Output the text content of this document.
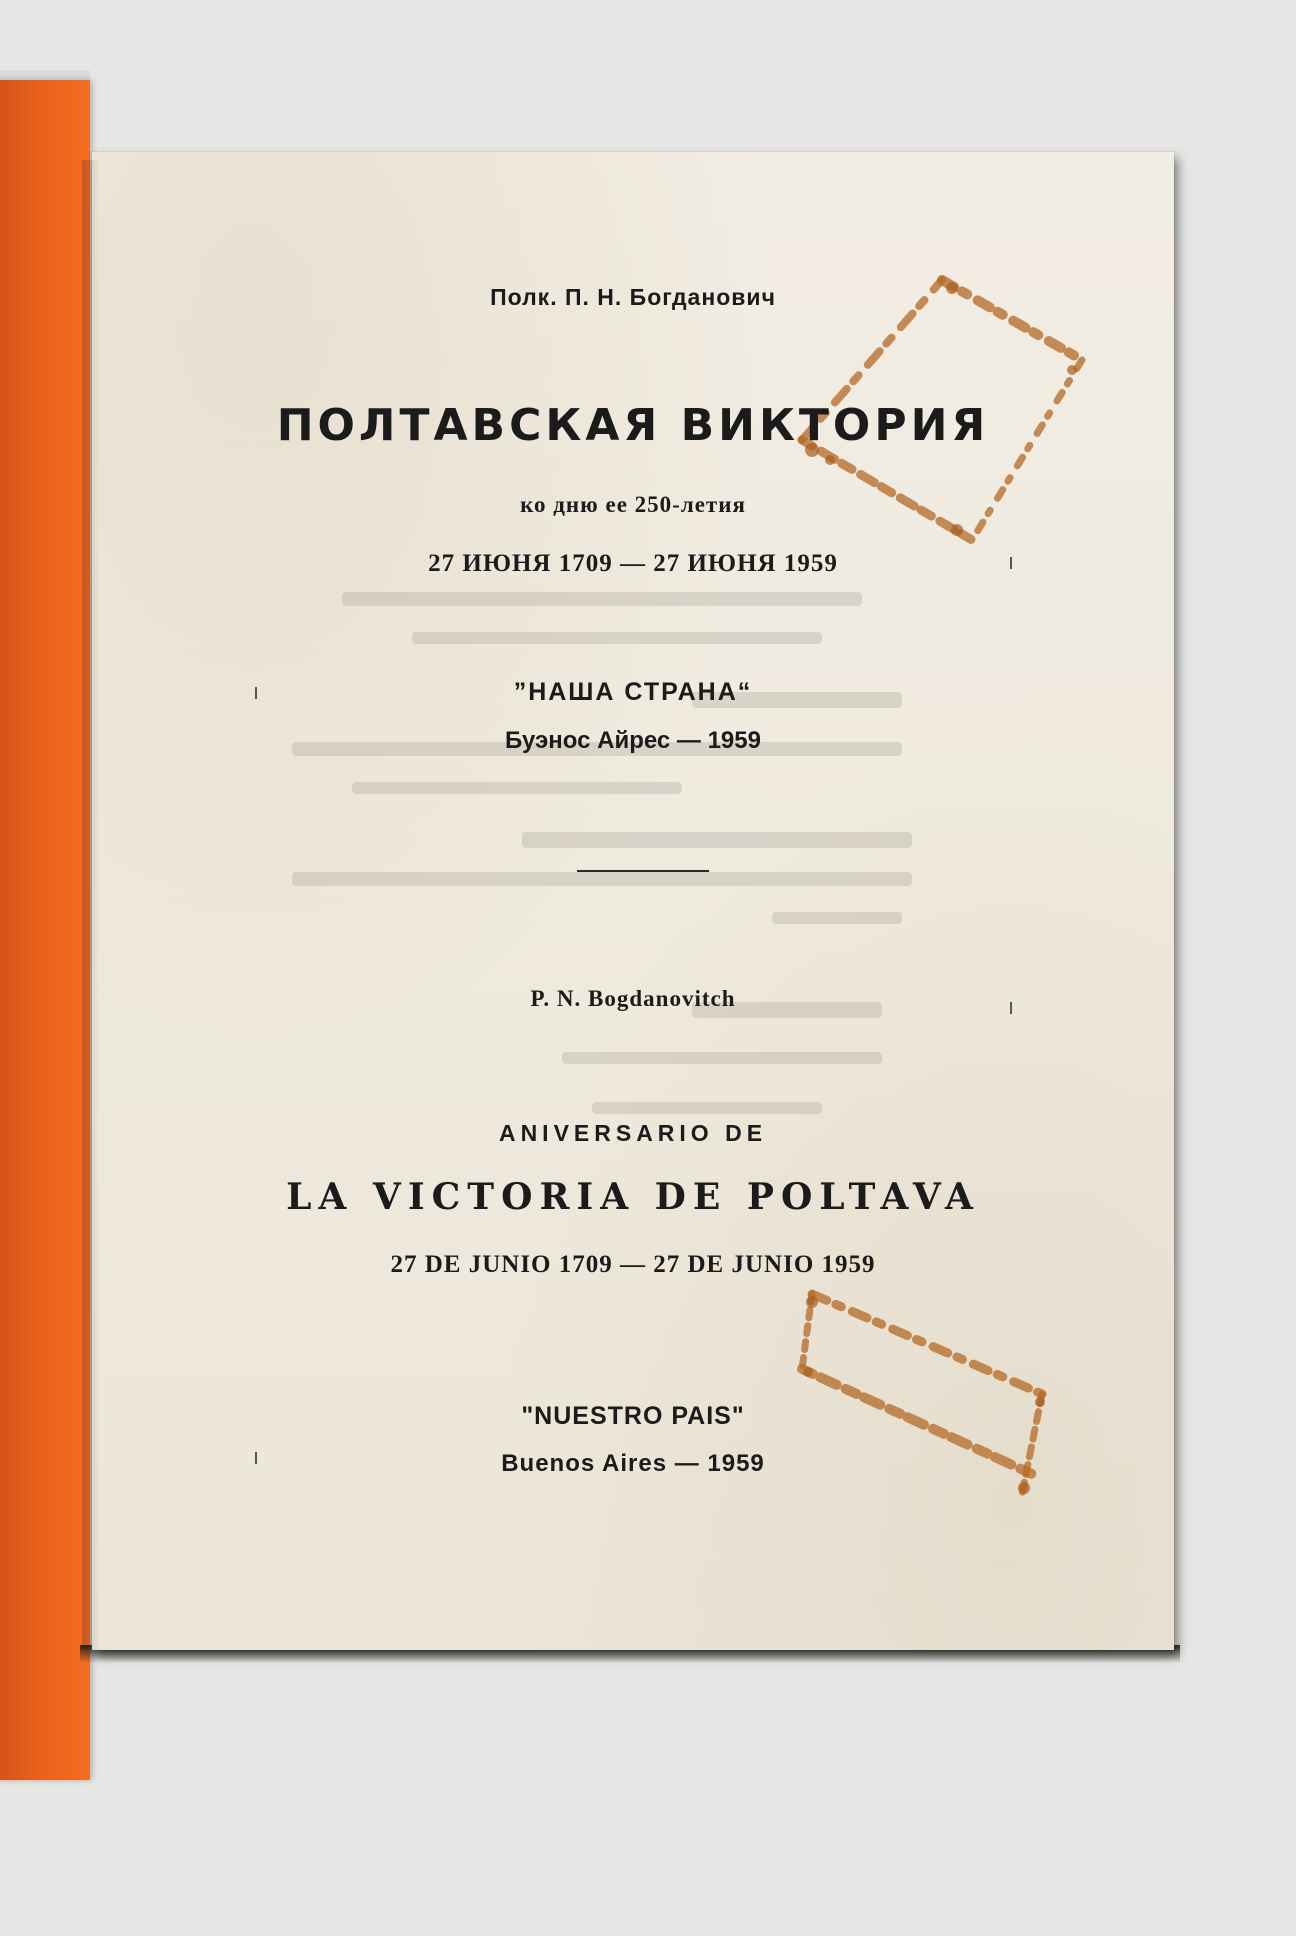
Полк. П. Н. Богданович
ПОЛТАВСКАЯ ВИКТОРИЯ
ко дню ее 250-летия
27 ИЮНЯ 1709 — 27 ИЮНЯ 1959
”НАША СТРАНА“
Буэнос Айрес — 1959
P. N. Bogdanovitch
ANIVERSARIO DE
LA VICTORIA DE POLTAVA
27 DE JUNIO 1709 — 27 DE JUNIO 1959
"NUESTRO PAIS"
Buenos Aires — 1959
